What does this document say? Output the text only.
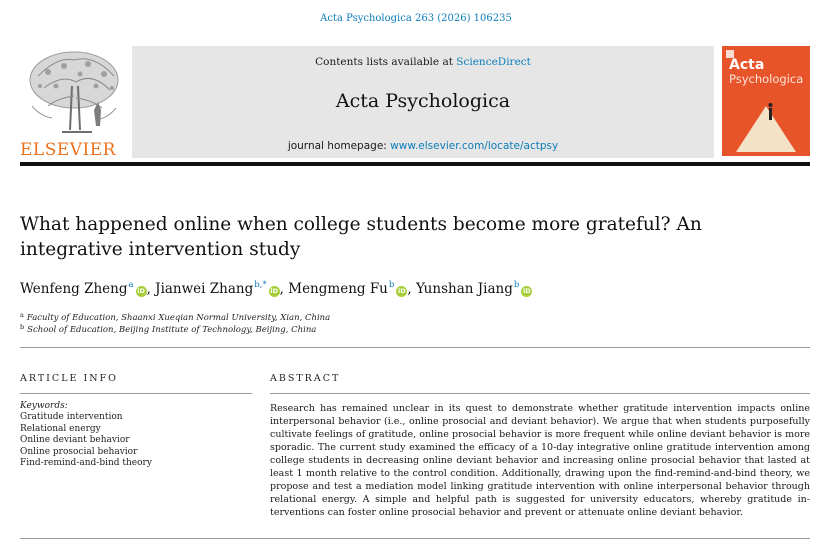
Acta Psychologica 263 (2026) 106235
ELSEVIER
Contents lists available at ScienceDirect
Acta Psychologica
journal homepage: www.elsevier.com/locate/actpsy
Acta
Psychologica
What happened online when college students become more grateful? An integrative intervention study
Wenfeng Zheng$^a$iD , Jianwei Zhang$^{b,*}$iD , Mengmeng Fu$^b$iD , Yunshan Jiang$^b$iD
$^a$ Faculty of Education, Shaanxi Xueqian Normal University, Xian, China
$^b$ School of Education, Beijing Institute of Technology, Beijing, China
ARTICLE INFO	ABSTRACT
Keywords:
Gratitude intervention
Relational energy
Online deviant behavior
Online prosocial behavior
Find-remind-and-bind theory
Research has remained unclear in its quest to demonstrate whether gratitude intervention impacts online interpersonal behavior (i.e., online prosocial and deviant behavior). We argue that when students purposefully cultivate feelings of gratitude, online prosocial behavior is more frequent while online deviant behavior is more sporadic. The current study examined the efficacy of a 10-day integrative online gratitude intervention among college students in decreasing online deviant behavior and increasing online prosocial behavior that lasted at least 1 month relative to the control condition. Additionally, drawing upon the find-remind-and-bind theory, we propose and test a mediation model linking gratitude intervention with online interpersonal behavior through relational energy. A simple and helpful path is suggested for university educators, whereby gratitude interventions can foster online prosocial behavior and prevent or attenuate online deviant behavior.
